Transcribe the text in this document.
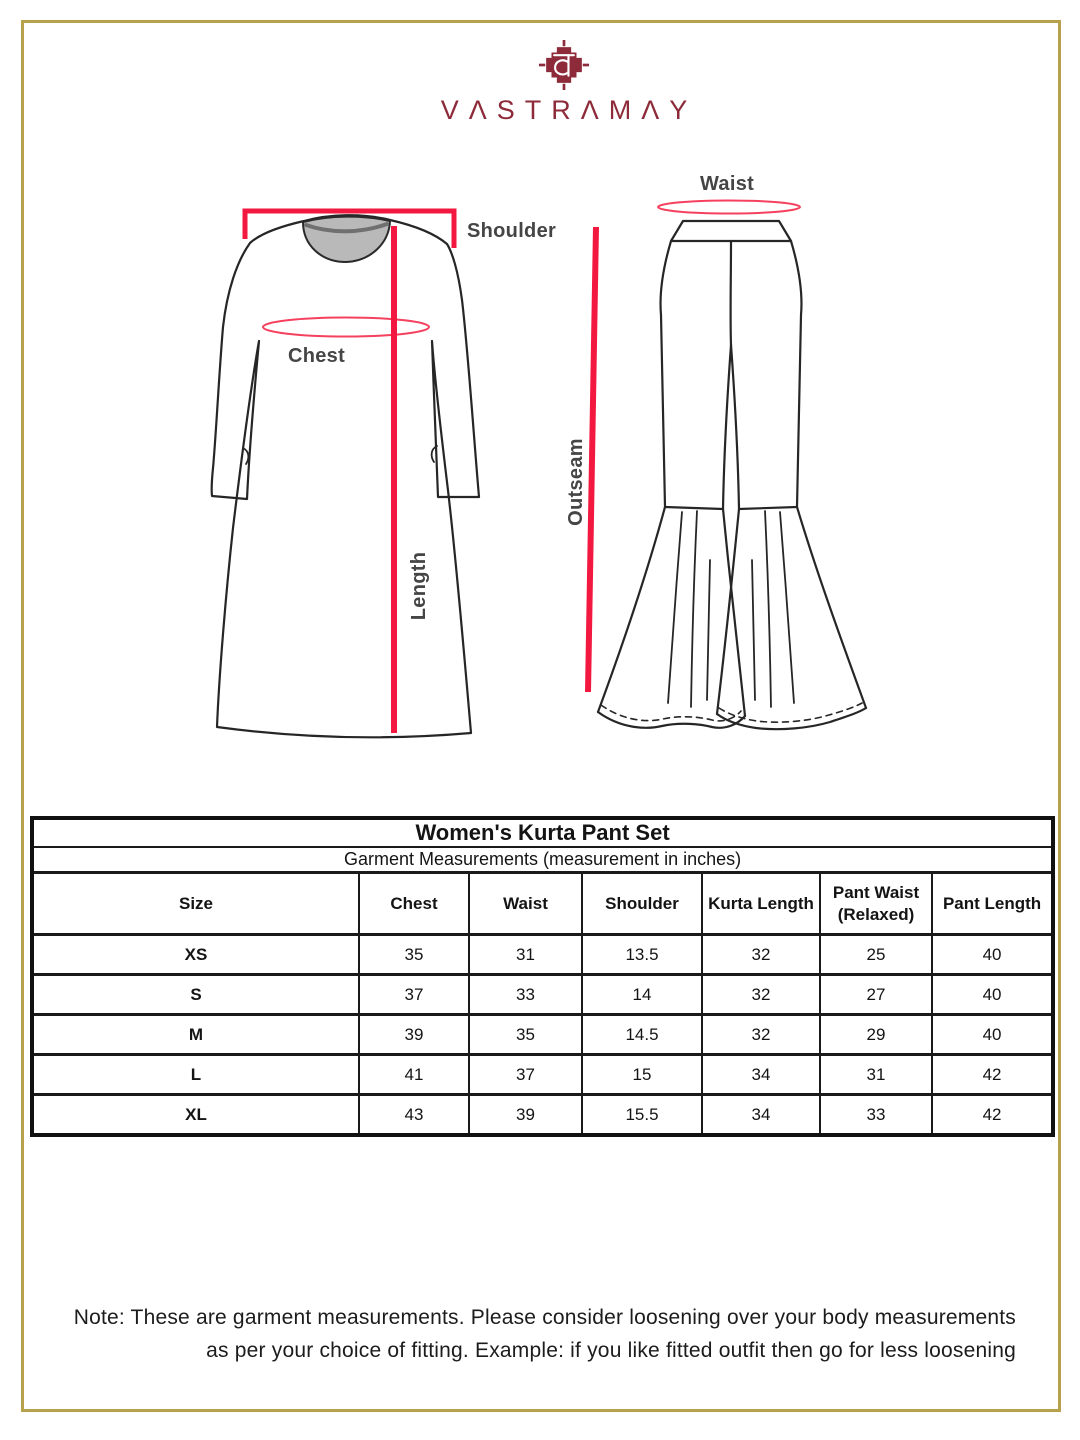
VΛSTRΛMΛY
Shoulder
Chest
Length
Outseam
Waist
Women's Kurta Pant Set						
Garment Measurements (measurement in inches)						
Size	Chest	Waist	Shoulder	Kurta Length	Pant Waist (Relaxed)	Pant Length
XS	35	31	13.5	32	25	40
S	37	33	14	32	27	40
M	39	35	14.5	32	29	40
L	41	37	15	34	31	42
XL	43	39	15.5	34	33	42
Note: These are garment measurements. Please consider loosening over your body measurements
as per your choice of fitting. Example: if you like fitted outfit then go for less loosening
